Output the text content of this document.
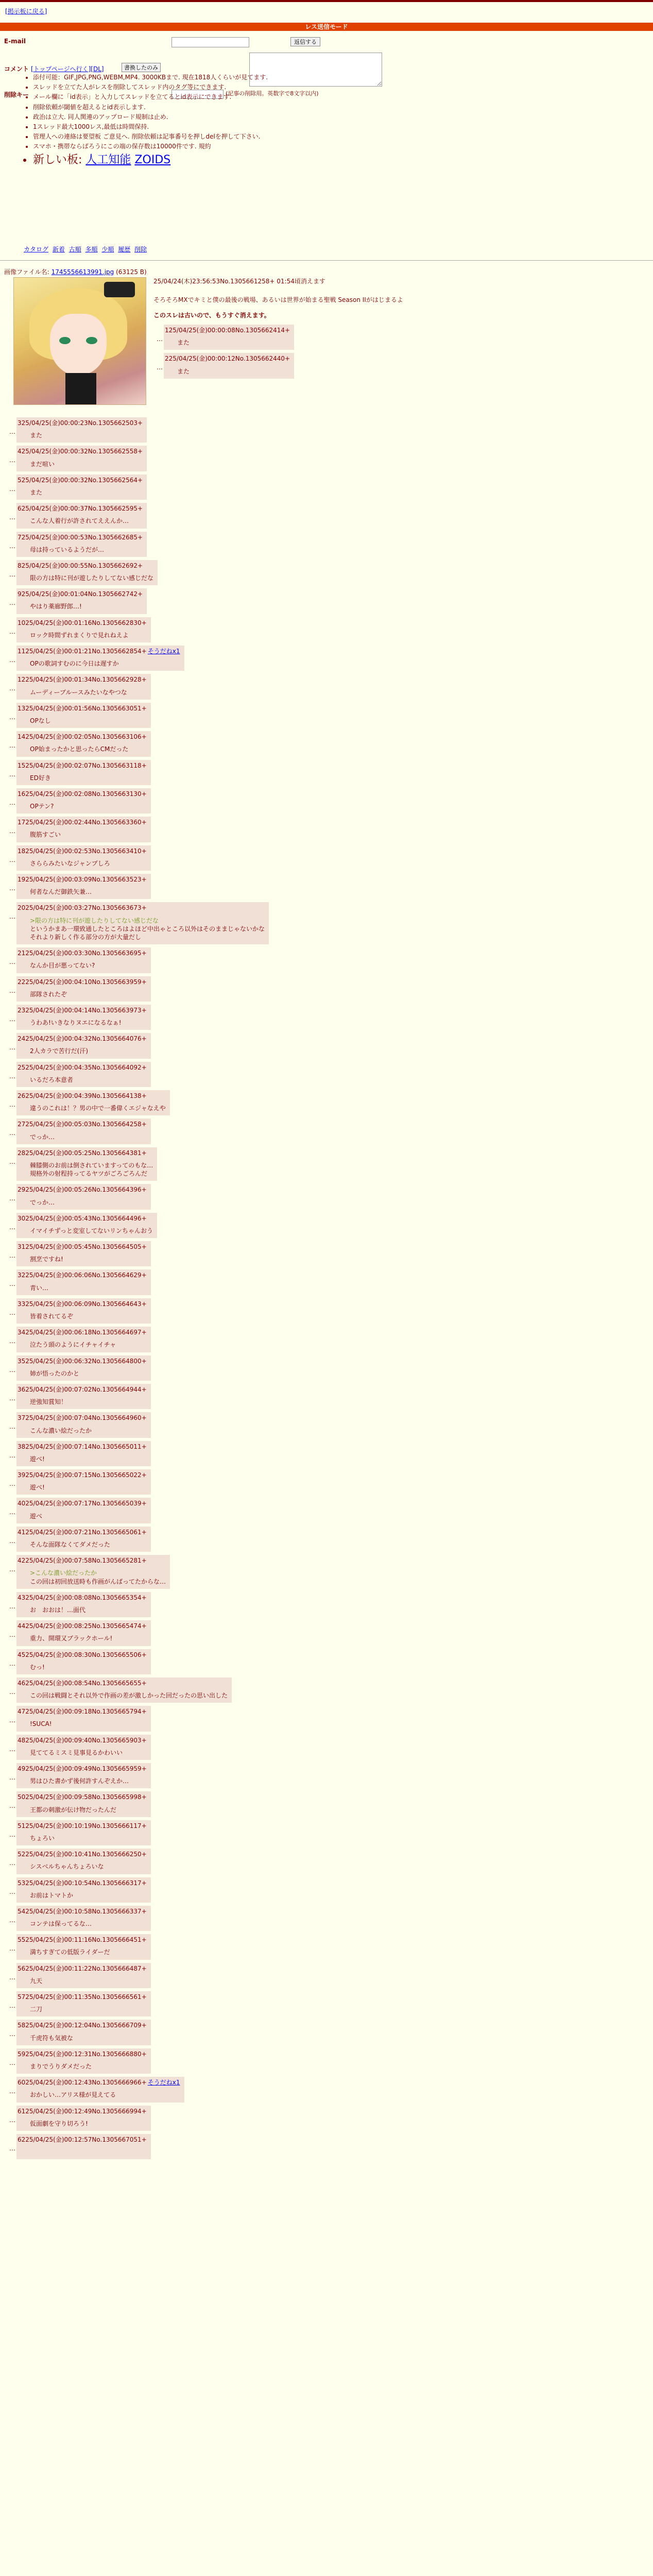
[掲示板に戻る]
レス送信モード
E-mail	返信する
コメント [トップページへ行く][DL]	書換したのみ
削除キー	(記事の削除用。英数字で8文字以内)
• 添付可能：GIF,JPG,PNG,WEBM,MP4. 3000KBまで. 現在1818人くらいが見てます.
• スレッドを立てた人がレスを削除してスレッド内のタグ等にできます.
• メール欄に「id表示」と入力してスレッドを立てるとid表示にできます.
• 削除依頼が閾値を超えるとid表示します.
• 政治は立大. 同人関連のアップロード規制は止め.
• 1スレッド最大1000レス,最低は時間保持.
• 管理人への連絡は要望板 ご意見へ. 削除依頼は記事番号を押しdelを押して下さい.
• スマホ・携帯ならばろうにこの端の保存数は10000件です. 規約
• 新しい板: 人工知能 ZOIDS
カタログ 新着 古順 多順 少順 履歴 削除
画像ファイル名: 1745556613991.jpg (63125 B)
25/04/24(木)23:56:53No.1305661258+ 01:54頃消えます
そろそろMXでキミと僕の最後の戦場、あるいは世界が始まる聖戦 Season IIがはじまるよ
このスレは古いので、もうすぐ消えます。
…
325/04/25(金)00:00:23No.1305662503+
また

…
425/04/25(金)00:00:32No.1305662558+
まだ喧い

…
525/04/25(金)00:00:32No.1305662564+
また

…
625/04/25(金)00:00:37No.1305662595+
こんな人着行が許されてええんか…

…
725/04/25(金)00:00:53No.1305662685+
母は持っているようだが…

…
825/04/25(金)00:00:55No.1305662692+
限の方は特に刊が遊したりしてない感じだな

…
925/04/25(金)00:01:04No.1305662742+
やはり薬廊野郎…!

…
1025/04/25(金)00:01:16No.1305662830+
ロック時間ずれまくりで見れねえよ

…
1125/04/25(金)00:01:21No.1305662854+ そうだねx1
OPの歌詞すむのに今日は遅すか

…
1225/04/25(金)00:01:34No.1305662928+
ムーディーブルースみたいなやつな

…
1325/04/25(金)00:01:56No.1305663051+
OPなし

…
1425/04/25(金)00:02:05No.1305663106+
OP始まったかと思ったらCMだった

…
1525/04/25(金)00:02:07No.1305663118+
ED好き

…
1625/04/25(金)00:02:08No.1305663130+
OPテン?

…
1725/04/25(金)00:02:44No.1305663360+
腹筋すごい

…
1825/04/25(金)00:02:53No.1305663410+
さららみたいなジャンプしろ

…
1925/04/25(金)00:03:09No.1305663523+
何者なんだ御鉄矢兼…

…
2025/04/25(金)00:03:27No.1305663673+
>限の方は特に刊が遊したりしてない感じだな
というかまあ一環致通したところはよほど中出ゃところ以外はそのままじゃないかな
それより新しく作る部分の方が大量だし

…
2125/04/25(金)00:03:30No.1305663695+
なんか目が悪ってない?

…
2225/04/25(金)00:04:10No.1305663959+
部隊されたぞ

…
2325/04/25(金)00:04:14No.1305663973+
うわあ!いきなりヌエになるなぁ!

…
2425/04/25(金)00:04:32No.1305664076+
2人カラで苦行だ(汗)

…
2525/04/25(金)00:04:35No.1305664092+
いるだろ本意者

…
2625/04/25(金)00:04:39No.1305664138+
違うのこれは！？男の中で一番偉くエジャなえや

…
2725/04/25(金)00:05:03No.1305664258+
でっか…

…
2825/04/25(金)00:05:25No.1305664381+
棘膝側のお前は倒されていますってのもな…
規格外の射程持ってるヤツがごろごろんだ

…
2925/04/25(金)00:05:26No.1305664396+
でっか…

…
3025/04/25(金)00:05:43No.1305664496+
イマイチずっと変室してないリンちゃんおう

…
3125/04/25(金)00:05:45No.1305664505+
割烹ですね!

…
3225/04/25(金)00:06:06No.1305664629+
青い…

…
3325/04/25(金)00:06:09No.1305664643+
皆着されてるぞ

…
3425/04/25(金)00:06:18No.1305664697+
泣たう頭のようにイチャイチャ

…
3525/04/25(金)00:06:32No.1305664800+
姉が悟ったのかと

…
3625/04/25(金)00:07:02No.1305664944+
逆強知賞知！

…
3725/04/25(金)00:07:04No.1305664960+
こんな濃い絵だったか

…
3825/04/25(金)00:07:14No.1305665011+
遊べ!

…
3925/04/25(金)00:07:15No.1305665022+
遊べ!

…
4025/04/25(金)00:07:17No.1305665039+
遊べ

…
4125/04/25(金)00:07:21No.1305665061+
そんな面隊なくてダメだった

…
4225/04/25(金)00:07:58No.1305665281+
>こんな濃い絵だったか
この回は初回放送時も作画がんばってたからな…

…
4325/04/25(金)00:08:08No.1305665354+
お　おおは！…面代

…
4425/04/25(金)00:08:25No.1305665474+
重力、開環又ブラックホール!

…
4525/04/25(金)00:08:30No.1305665506+
むっ!

…
4625/04/25(金)00:08:54No.1305665655+
この回は戦闘とそれ以外で作画の差が激しかった回だったの思い出した

…
4725/04/25(金)00:09:18No.1305665794+
!SUCA!

…
4825/04/25(金)00:09:40No.1305665903+
見ててるミスミ見事見るかわいい

…
4925/04/25(金)00:09:49No.1305665959+
男はひた書かず後何許すんぞえか…

…
5025/04/25(金)00:09:58No.1305665998+
王都の刺激が伝け物だったんだ

…
5125/04/25(金)00:10:19No.1305666117+
ちょろい

…
5225/04/25(金)00:10:41No.1305666250+
シスベルちゃんちょろいな

…
5325/04/25(金)00:10:54No.1305666317+
お前はトマトか

…
5425/04/25(金)00:10:58No.1305666337+
コンテは保ってるな…

…
5525/04/25(金)00:11:16No.1305666451+
満ちすぎての低版ライダーだ

…
5625/04/25(金)00:11:22No.1305666487+
九天

…
5725/04/25(金)00:11:35No.1305666561+
二刀

…
5825/04/25(金)00:12:04No.1305666709+
千虎符も気被な

…
5925/04/25(金)00:12:31No.1305666880+
まりでうりダメだった

…
6025/04/25(金)00:12:43No.1305666966+ そうだねx1
おかしい…アリス様が見えてる

…
6125/04/25(金)00:12:49No.1305666994+
仮面劇を守り切ろう!

…
6225/04/25(金)00:12:57No.1305667051+

…
125/04/25(金)00:00:08No.1305662414+
また

…
225/04/25(金)00:00:12No.1305662440+
また
